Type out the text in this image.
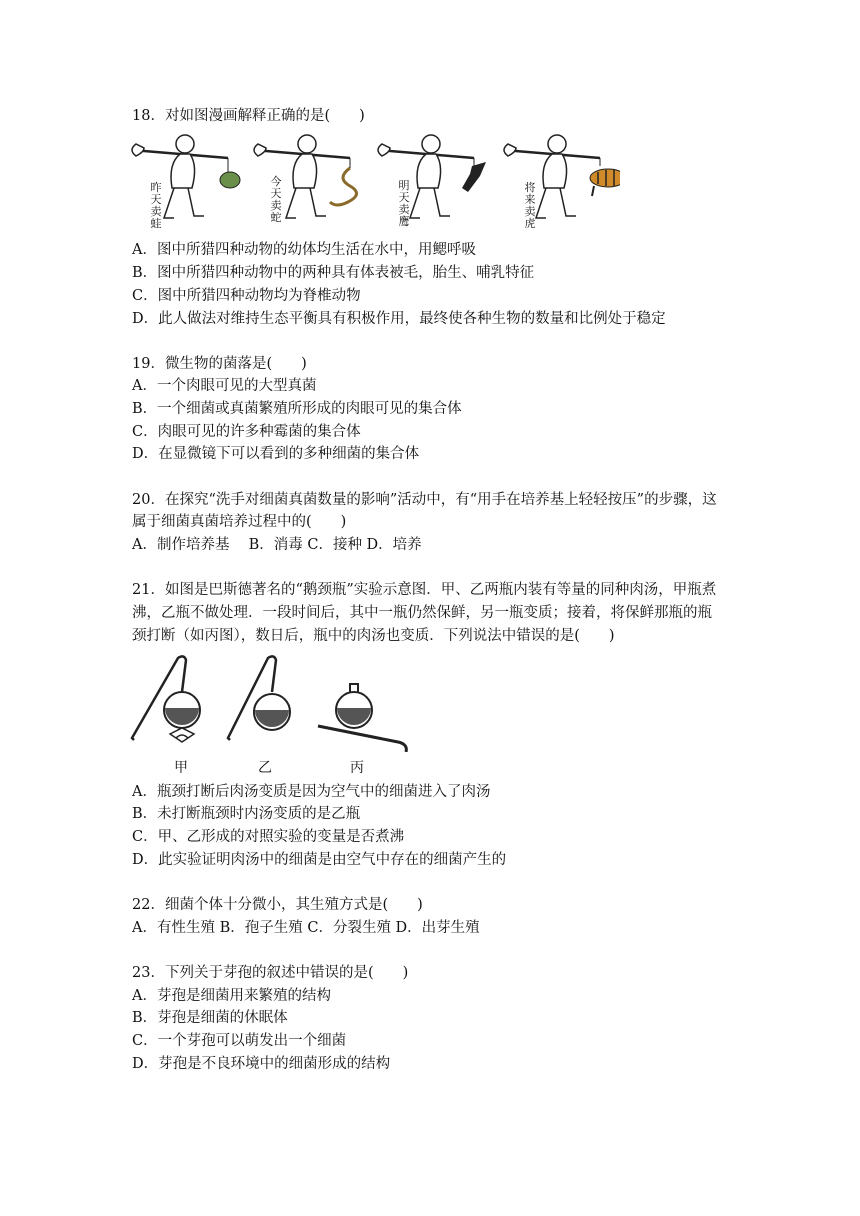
18．对如图漫画解释正确的是(　　)
昨天卖蛙
今天卖蛇
明天卖鹰
将来卖虎
A．图中所猎四种动物的幼体均生活在水中，用鳃呼吸
B．图中所猎四种动物中的两种具有体表被毛，胎生、哺乳特征
C．图中所猎四种动物均为脊椎动物
D．此人做法对维持生态平衡具有积极作用，最终使各种生物的数量和比例处于稳定
19．微生物的菌落是(　　)
A．一个肉眼可见的大型真菌
B．一个细菌或真菌繁殖所形成的肉眼可见的集合体
C．肉眼可见的许多种霉菌的集合体
D．在显微镜下可以看到的多种细菌的集合体
20．在探究“洗手对细菌真菌数量的影响”活动中，有“用手在培养基上轻轻按压”的步骤，这
属于细菌真菌培养过程中的(　　)
A．制作培养基　 B．消毒 C．接种 D．培养
21．如图是巴斯德著名的“鹅颈瓶”实验示意图．甲、乙两瓶内装有等量的同种肉汤，甲瓶煮
沸，乙瓶不做处理．一段时间后，其中一瓶仍然保鲜，另一瓶变质；接着，将保鲜那瓶的瓶
颈打断（如丙图），数日后，瓶中的肉汤也变质．下列说法中错误的是(　　)
甲	乙	丙
A．瓶颈打断后肉汤变质是因为空气中的细菌进入了肉汤
B．未打断瓶颈时内汤变质的是乙瓶
C．甲、乙形成的对照实验的变量是否煮沸
D．此实验证明肉汤中的细菌是由空气中存在的细菌产生的
22．细菌个体十分微小，其生殖方式是(　　)
A．有性生殖 B．孢子生殖 C．分裂生殖 D．出芽生殖
23．下列关于芽孢的叙述中错误的是(　　)
A．芽孢是细菌用来繁殖的结构
B．芽孢是细菌的休眠体
C．一个芽孢可以萌发出一个细菌
D．芽孢是不良环境中的细菌形成的结构
